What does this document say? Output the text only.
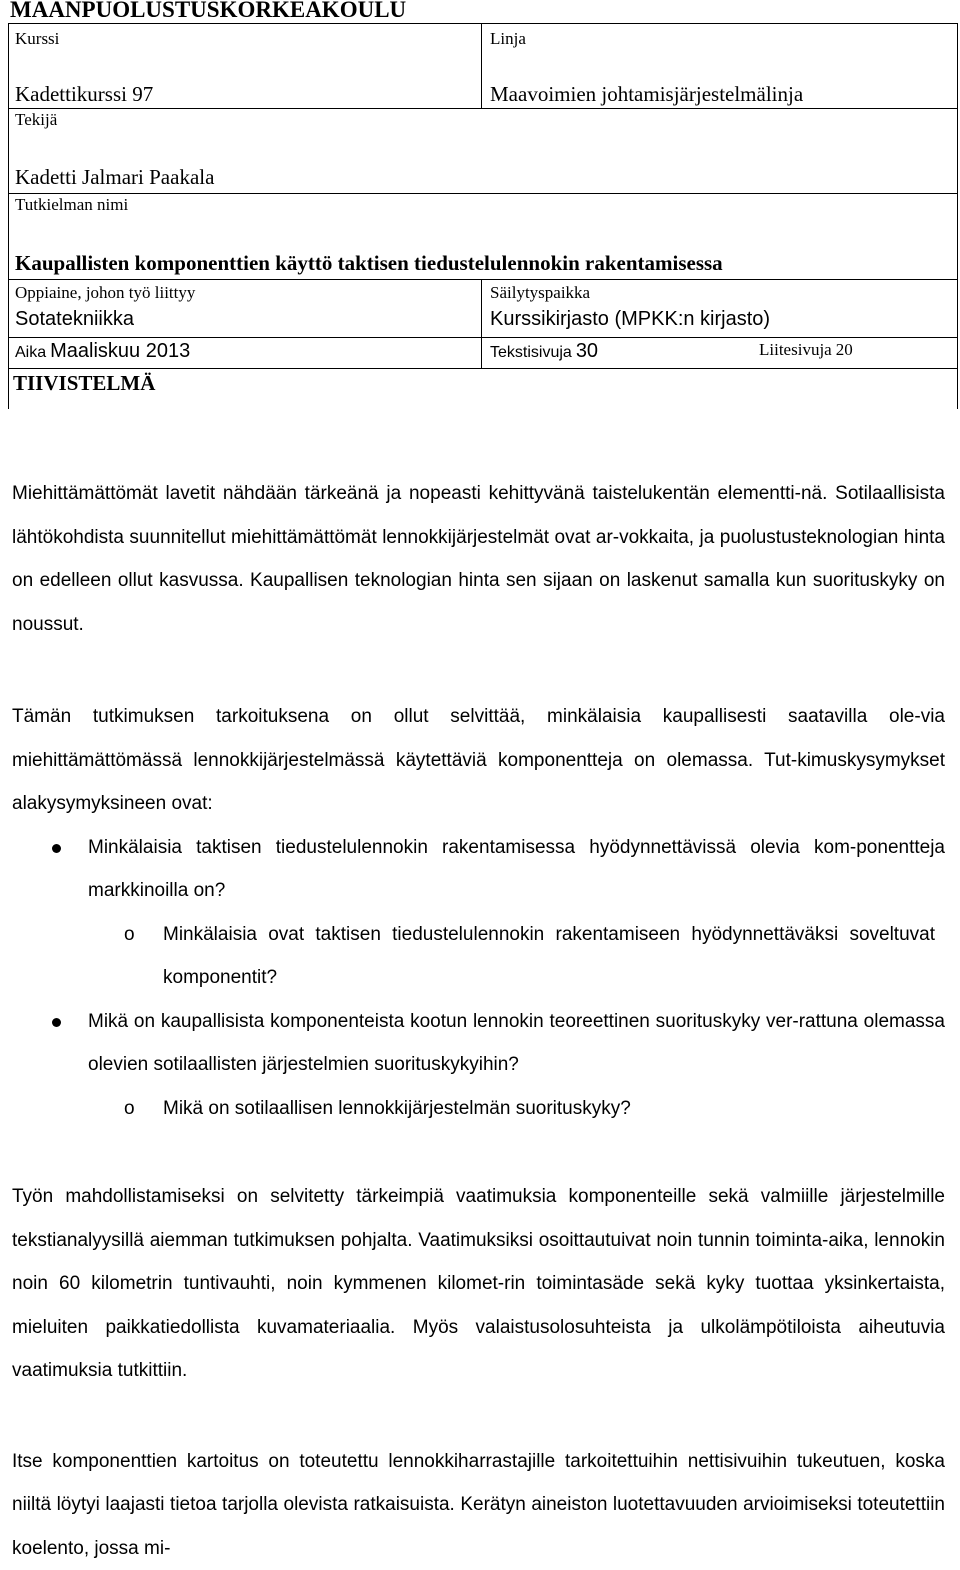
MAANPUOLUSTUSKORKEAKOULU
Kurssi
Kadettikurssi 97
Linja
Maavoimien johtamisjärjestelmälinja
Tekijä
Kadetti Jalmari Paakala
Tutkielman nimi
Kaupallisten komponenttien käyttö taktisen tiedustelulennokin rakentamisessa
Oppiaine, johon työ liittyy
Sotatekniikka
Säilytyspaikka
Kurssikirjasto (MPKK:n kirjasto)
Aika Maaliskuu 2013	Tekstisivuja 30	Liitesivuja 20
TIIVISTELMÄ

Miehittämättömät lavetit nähdään tärkeänä ja nopeasti kehittyvänä taistelukentän elementti-nä. Sotilaallisista lähtökohdista suunnitellut miehittämättömät lennokkijärjestelmät ovat ar-vokkaita, ja puolustusteknologian hinta on edelleen ollut kasvussa. Kaupallisen teknologian hinta sen sijaan on laskenut samalla kun suorituskyky on noussut.

Tämän tutkimuksen tarkoituksena on ollut selvittää, minkälaisia kaupallisesti saatavilla ole-via miehittämättömässä lennokkijärjestelmässä käytettäviä komponentteja on olemassa. Tut-kimuskysymykset alakysymyksineen ovat:

Minkälaisia taktisen tiedustelulennokin rakentamisessa hyödynnettävissä olevia kom-ponentteja markkinoilla on?
o Minkälaisia ovat taktisen tiedustelulennokin rakentamiseen hyödynnettäväksi soveltuvat komponentit?
Mikä on kaupallisista komponenteista kootun lennokin teoreettinen suorituskyky ver-rattuna olemassa olevien sotilaallisten järjestelmien suorituskykyihin?
o Mikä on sotilaallisen lennokkijärjestelmän suorituskyky?

Työn mahdollistamiseksi on selvitetty tärkeimpiä vaatimuksia komponenteille sekä valmiille järjestelmille tekstianalyysillä aiemman tutkimuksen pohjalta. Vaatimuksiksi osoittautuivat noin tunnin toiminta-aika, lennokin noin 60 kilometrin tuntivauhti, noin kymmenen kilomet-rin toimintasäde sekä kyky tuottaa yksinkertaista, mieluiten paikkatiedollista kuvamateriaalia. Myös valaistusolosuhteista ja ulkolämpötiloista aiheutuvia vaatimuksia tutkittiin.

Itse komponenttien kartoitus on toteutettu lennokkiharrastajille tarkoitettuihin nettisivuihin tukeutuen, koska niiltä löytyi laajasti tietoa tarjolla olevista ratkaisuista. Kerätyn aineiston luotettavuuden arvioimiseksi toteutettiin koelento, jossa mi-
